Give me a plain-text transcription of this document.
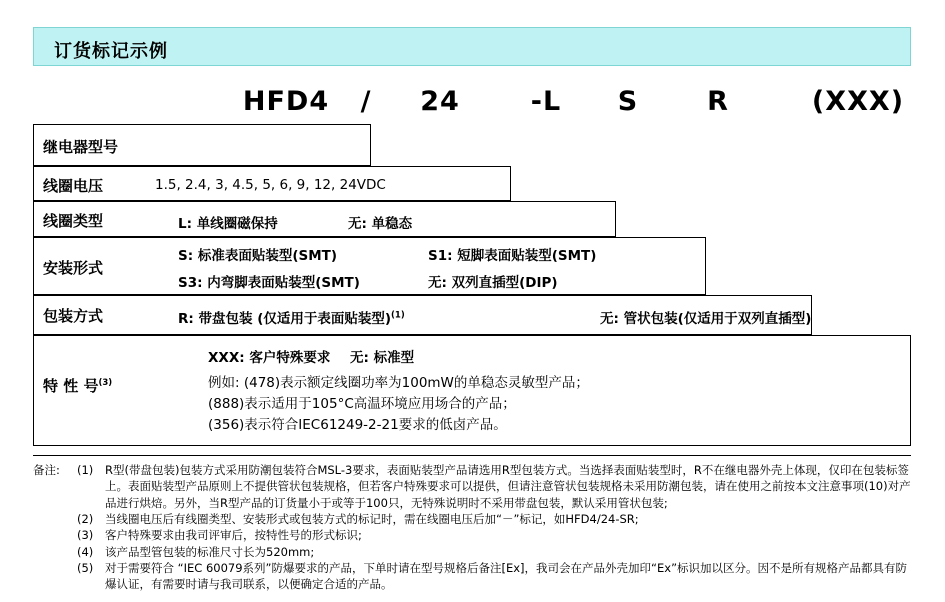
订货标记示例
HFD4	/	24	-L	S	R	(XXX)
继电器型号
线圈电压	1.5, 2.4, 3, 4.5, 5, 6, 9, 12, 24VDC
线圈类型	L: 单线圈磁保持	无: 单稳态
安装形式
S: 标准表面贴装型(SMT)	S1: 短脚表面贴装型(SMT)
S3: 内弯脚表面贴装型(SMT)	无: 双列直插型(DIP)
包装方式	R: 带盘包装 (仅适用于表面贴装型)$^{(1)}$	无: 管状包装(仅适用于双列直插型)
特 性 号$^{(3)}$
XXX: 客户特殊要求 无: 标准型
例如: (478)表示额定线圈功率为100mW的单稳态灵敏型产品；
(888)表示适用于105°C高温环境应用场合的产品；
(356)表示符合IEC61249-2-21要求的低卤产品。
备注:	(1)	R型(带盘包装)包装方式采用防潮包装符合MSL-3要求，表面贴装型产品请选用R型包装方式。当选择表面贴装型时，R不在继电器外壳上体现，仅印在包装标签上。表面贴装型产品原则上不提供管状包装规格，但若客户特殊要求可以提供，但请注意管状包装规格未采用防潮包装，请在使用之前按本文注意事项(10)对产品进行烘焙。另外，当R型产品的订货量小于或等于100只，无特殊说明时不采用带盘包装，默认采用管状包装;
(2)	当线圈电压后有线圈类型、安装形式或包装方式的标记时，需在线圈电压后加“－”标记，如HFD4/24-SR;
(3)	客户特殊要求由我司评审后，按特性号的形式标识;
(4)	该产品型管包装的标准尺寸长为520mm;
(5)	对于需要符合 “IEC 60079系列”防爆要求的产品，下单时请在型号规格后备注[Ex]，我司会在产品外壳加印“Ex”标识加以区分。因不是所有规格产品都具有防爆认证，有需要时请与我司联系，以便确定合适的产品。
